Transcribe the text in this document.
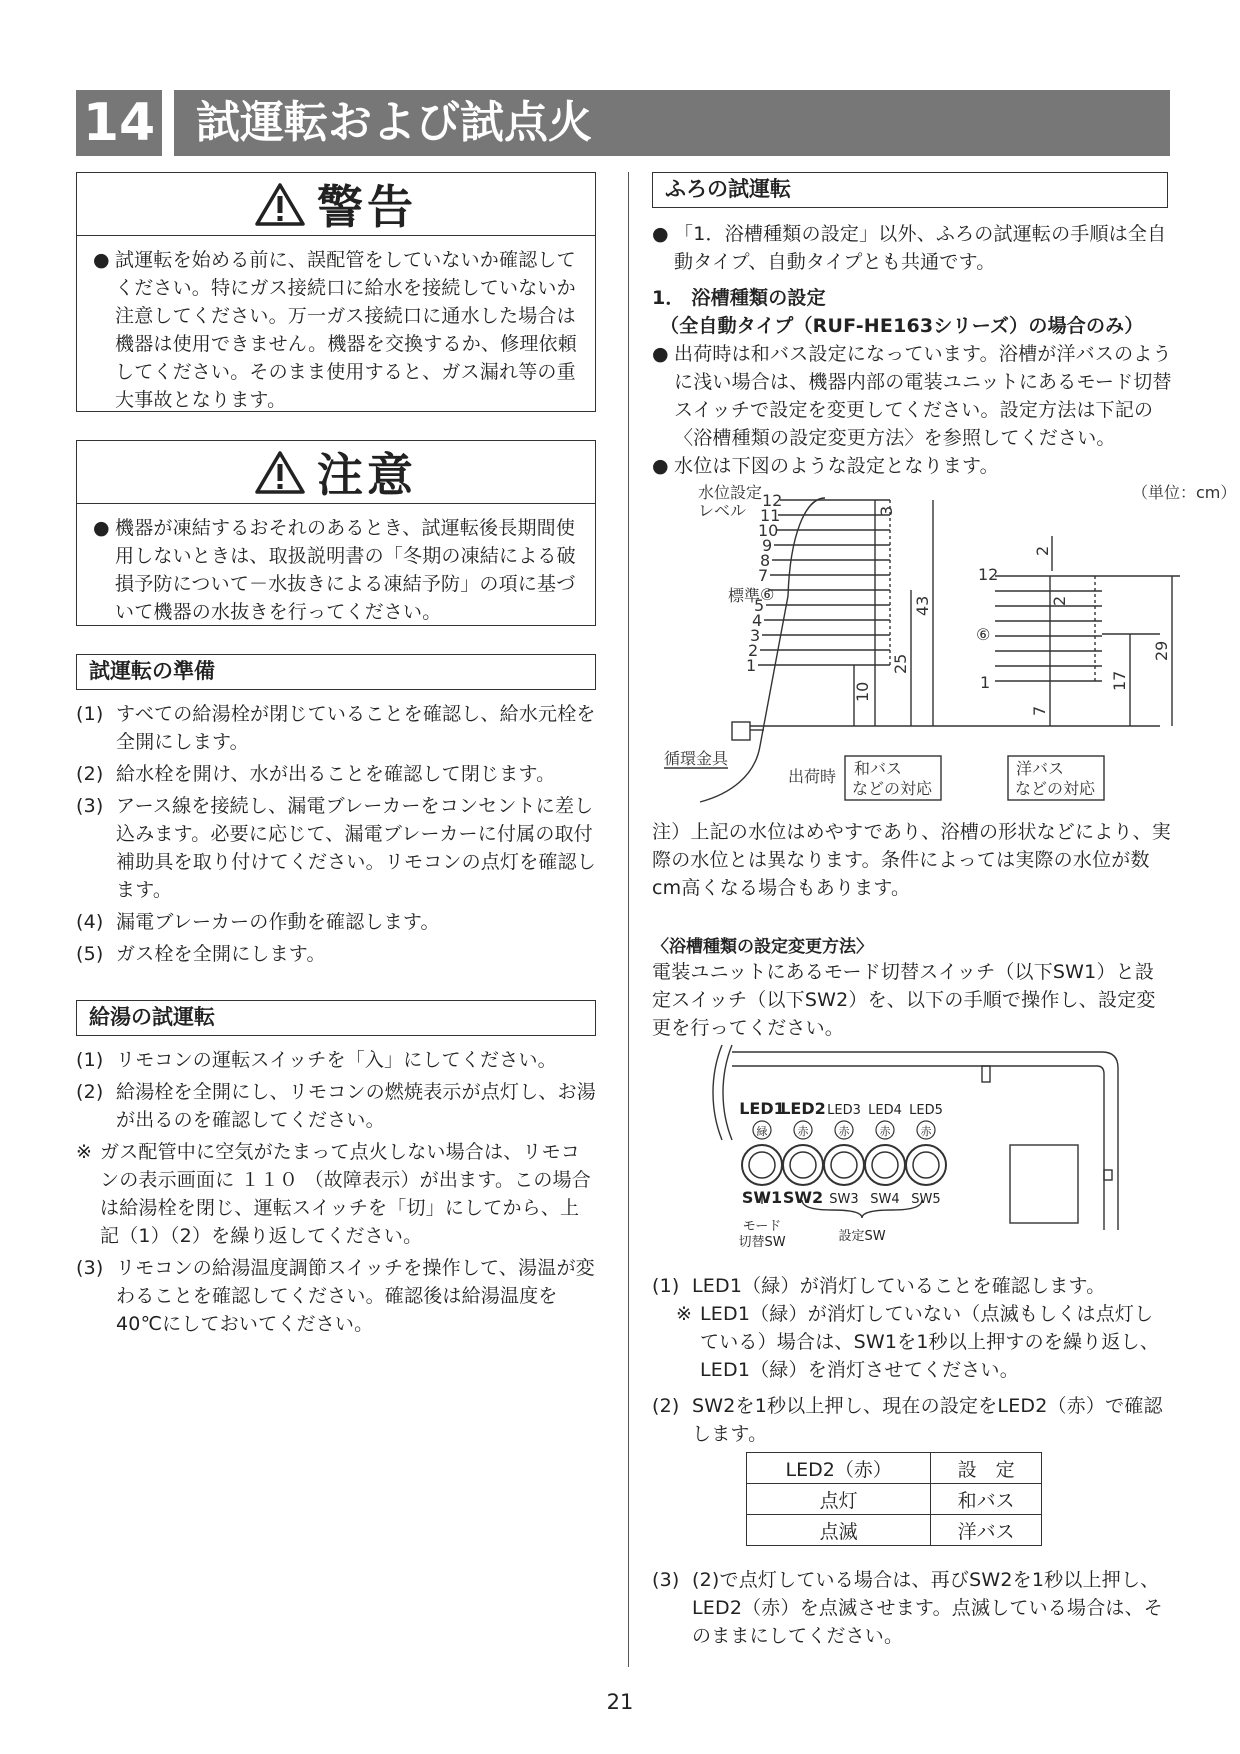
14 試運転および試点火
警告
● 試運転を始める前に、誤配管をしていないか確認してください。特にガス接続口に給水を接続していないか注意してください。万一ガス接続口に通水した場合は機器は使用できません。機器を交換するか、修理依頼してください。そのまま使用すると、ガス漏れ等の重大事故となります。
注意
● 機器が凍結するおそれのあるとき、試運転後長期間使用しないときは、取扱説明書の「冬期の凍結による破損予防について－水抜きによる凍結予防」の項に基づいて機器の水抜きを行ってください。
試運転の準備
(1) すべての給湯栓が閉じていることを確認し、給水元栓を全開にします。
(2) 給水栓を開け、水が出ることを確認して閉じます。
(3) アース線を接続し、漏電ブレーカーをコンセントに差し込みます。必要に応じて、漏電ブレーカーに付属の取付補助具を取り付けてください。リモコンの点灯を確認します。
(4) 漏電ブレーカーの作動を確認します。
(5) ガス栓を全開にします。
給湯の試運転
(1) リモコンの運転スイッチを「入」にしてください。
(2) 給湯栓を全開にし、リモコンの燃焼表示が点灯し、お湯が出るのを確認してください。
※ ガス配管中に空気がたまって点火しない場合は、リモコンの表示画面に １１０ （故障表示）が出ます。この場合は給湯栓を閉じ、運転スイッチを「切」にしてから、上記（1）（2）を繰り返してください。
(3) リモコンの給湯温度調節スイッチを操作して、湯温が変わることを確認してください。確認後は給湯温度を40℃にしておいてください。
ふろの試運転
● 「1．浴槽種類の設定」以外、ふろの試運転の手順は全自動タイプ、自動タイプとも共通です。
1． 浴槽種類の設定
（全自動タイプ（RUF-HE163シリーズ）の場合のみ）
● 出荷時は和バス設定になっています。浴槽が洋バスのように浅い場合は、機器内部の電装ユニットにあるモード切替スイッチで設定を変更してください。設定方法は下記の〈浴槽種類の設定変更方法〉を参照してください。
● 水位は下図のような設定となります。
（単位：cm）
水位設定
レベル
標準 ⑥
12
11
10
9
8
7
5
4
3
2
1
10
25
43
3
12
⑥
1
2
2
7
17
29
循環金具
出荷時 和バス
などの対応
洋バス
などの対応
注）上記の水位はめやすであり、浴槽の形状などにより、実際の水位とは異なります。条件によっては実際の水位が数cm高くなる場合もあります。
〈浴槽種類の設定変更方法〉
電装ユニットにあるモード切替スイッチ（以下SW1）と設定スイッチ（以下SW2）を、以下の手順で操作し、設定変更を行ってください。
LED1
LED2 LED3 LED4 LED5
緑	赤	赤	赤	赤
SW1 SW2 SW3 SW4 SW5
モード
切替SW	設定SW
(1) LED1（緑）が消灯していることを確認します。
※ LED1（緑）が消灯していない（点滅もしくは点灯している）場合は、SW1を1秒以上押すのを繰り返し、LED1（緑）を消灯させてください。
(2) SW2を1秒以上押し、現在の設定をLED2（赤）で確認します。
LED2（赤）	設　定
点灯	和バス
点滅	洋バス
(3) (2)で点灯している場合は、再びSW2を1秒以上押し、LED2（赤）を点滅させます。点滅している場合は、そのままにしてください。
21
